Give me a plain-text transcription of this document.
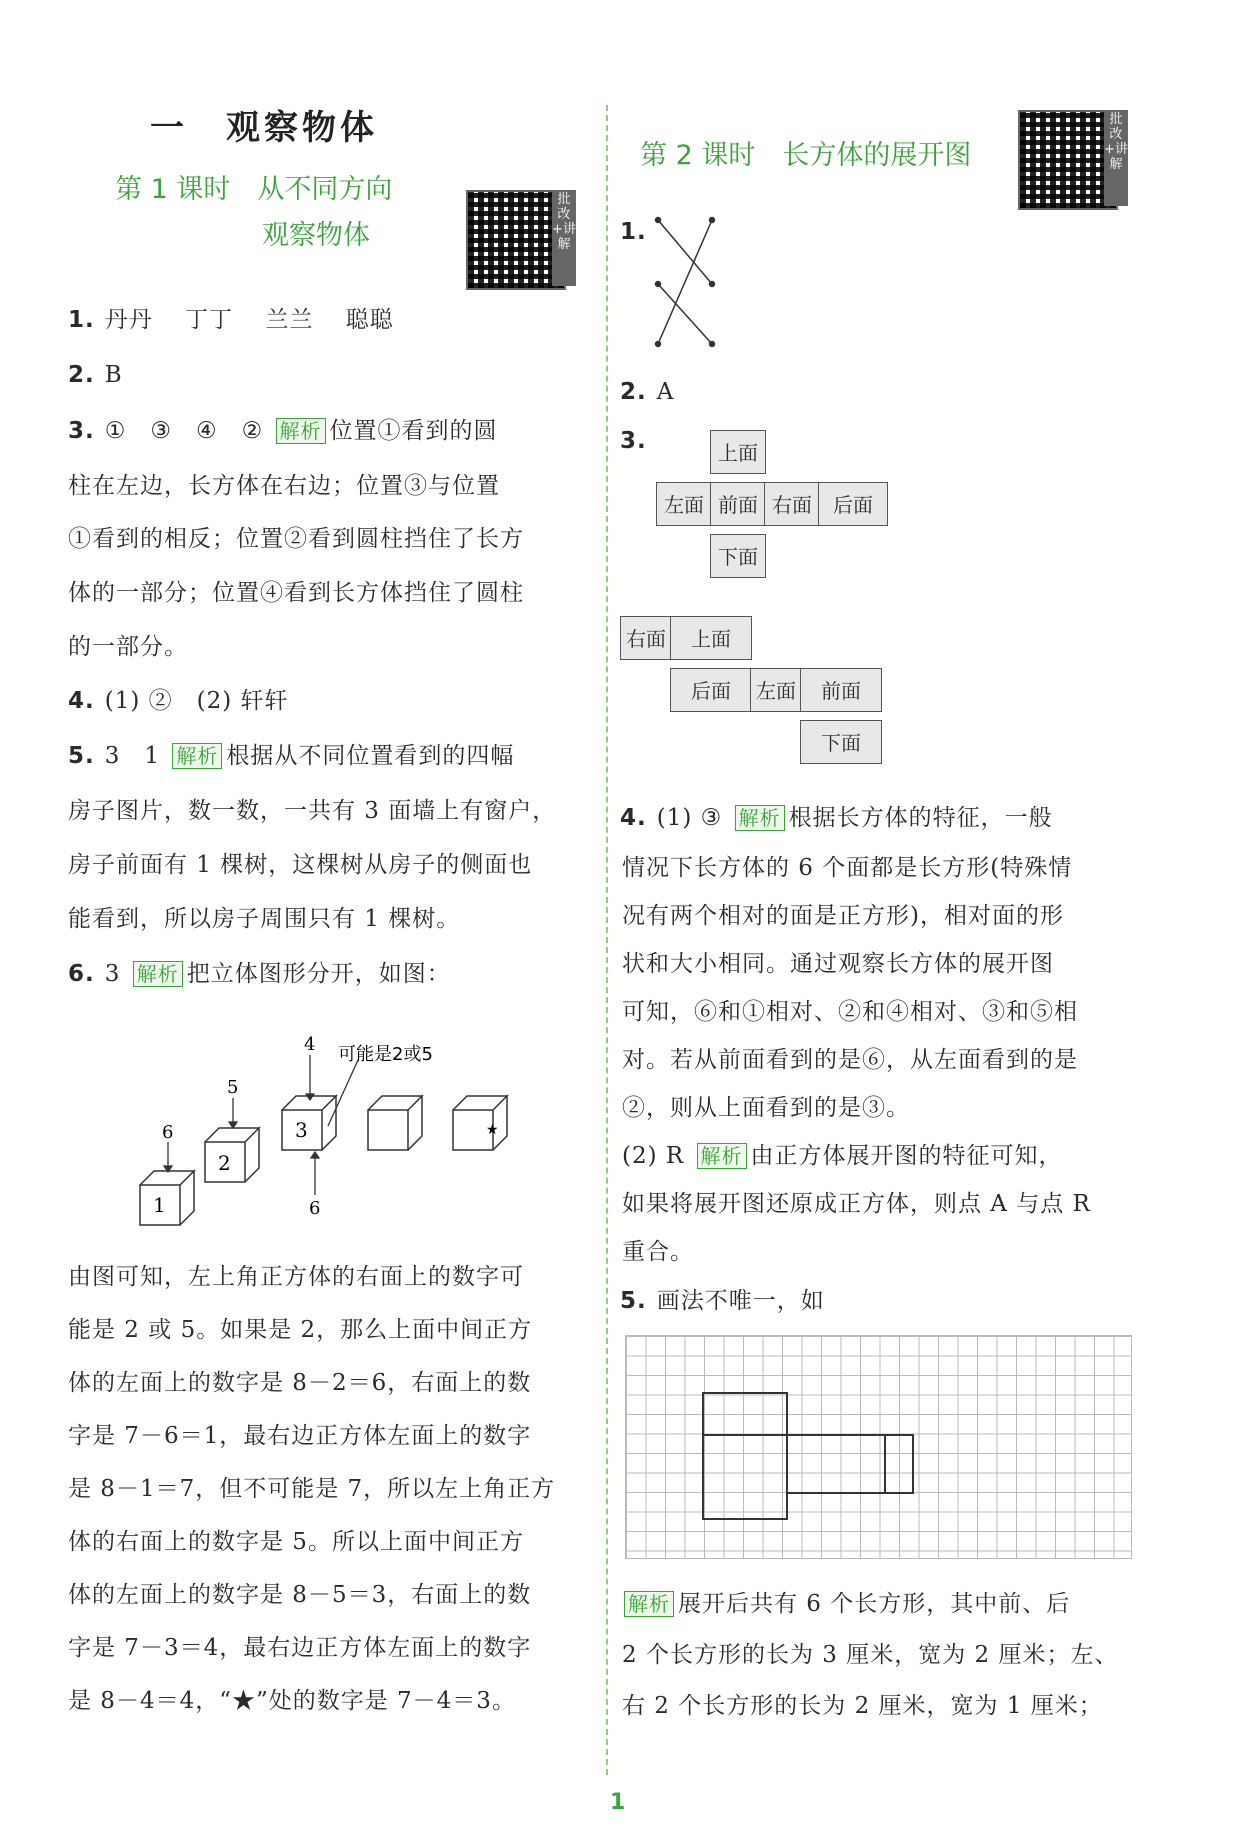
一　观察物体
第 1 课时　从不同方向
观察物体
批改+讲解
第 2 课时　长方体的展开图
批改+讲解
1. 丹丹　 丁丁　 兰兰　 聪聪
2. B
3. ①　③　④　② 解析 位置①看到的圆
柱在左边，长方体在右边；位置③与位置
①看到的相反；位置②看到圆柱挡住了长方
体的一部分；位置④看到长方体挡住了圆柱
的一部分。
4. (1) ②　(2) 轩轩
5. 3　1 解析 根据从不同位置看到的四幅
房子图片，数一数，一共有 3 面墙上有窗户，
房子前面有 1 棵树，这棵树从房子的侧面也
能看到，所以房子周围只有 1 棵树。
6. 3 解析 把立体图形分开，如图：
1
2
3
6
5
4
6
可能是2或5
★
由图可知，左上角正方体的右面上的数字可
能是 2 或 5。如果是 2，那么上面中间正方
体的左面上的数字是 8－2＝6，右面上的数
字是 7－6＝1，最右边正方体左面上的数字
是 8－1＝7，但不可能是 7，所以左上角正方
体的右面上的数字是 5。所以上面中间正方
体的左面上的数字是 8－5＝3，右面上的数
字是 7－3＝4，最右边正方体左面上的数字
是 8－4＝4，“★”处的数字是 7－4＝3。
1.
2. A
3.	上面
左面 前面 右面	后面
下面
右面	上面
后面	左面	前面
下面
4. (1) ③ 解析 根据长方体的特征，一般
情况下长方体的 6 个面都是长方形(特殊情
况有两个相对的面是正方形)，相对面的形
状和大小相同。通过观察长方体的展开图
可知，⑥和①相对、②和④相对、③和⑤相
对。若从前面看到的是⑥，从左面看到的是
②，则从上面看到的是③。
(2) R 解析 由正方体展开图的特征可知，
如果将展开图还原成正方体，则点 A 与点 R
重合。
5. 画法不唯一，如
解析 展开后共有 6 个长方形，其中前、后
2 个长方形的长为 3 厘米，宽为 2 厘米；左、
右 2 个长方形的长为 2 厘米，宽为 1 厘米；
1
